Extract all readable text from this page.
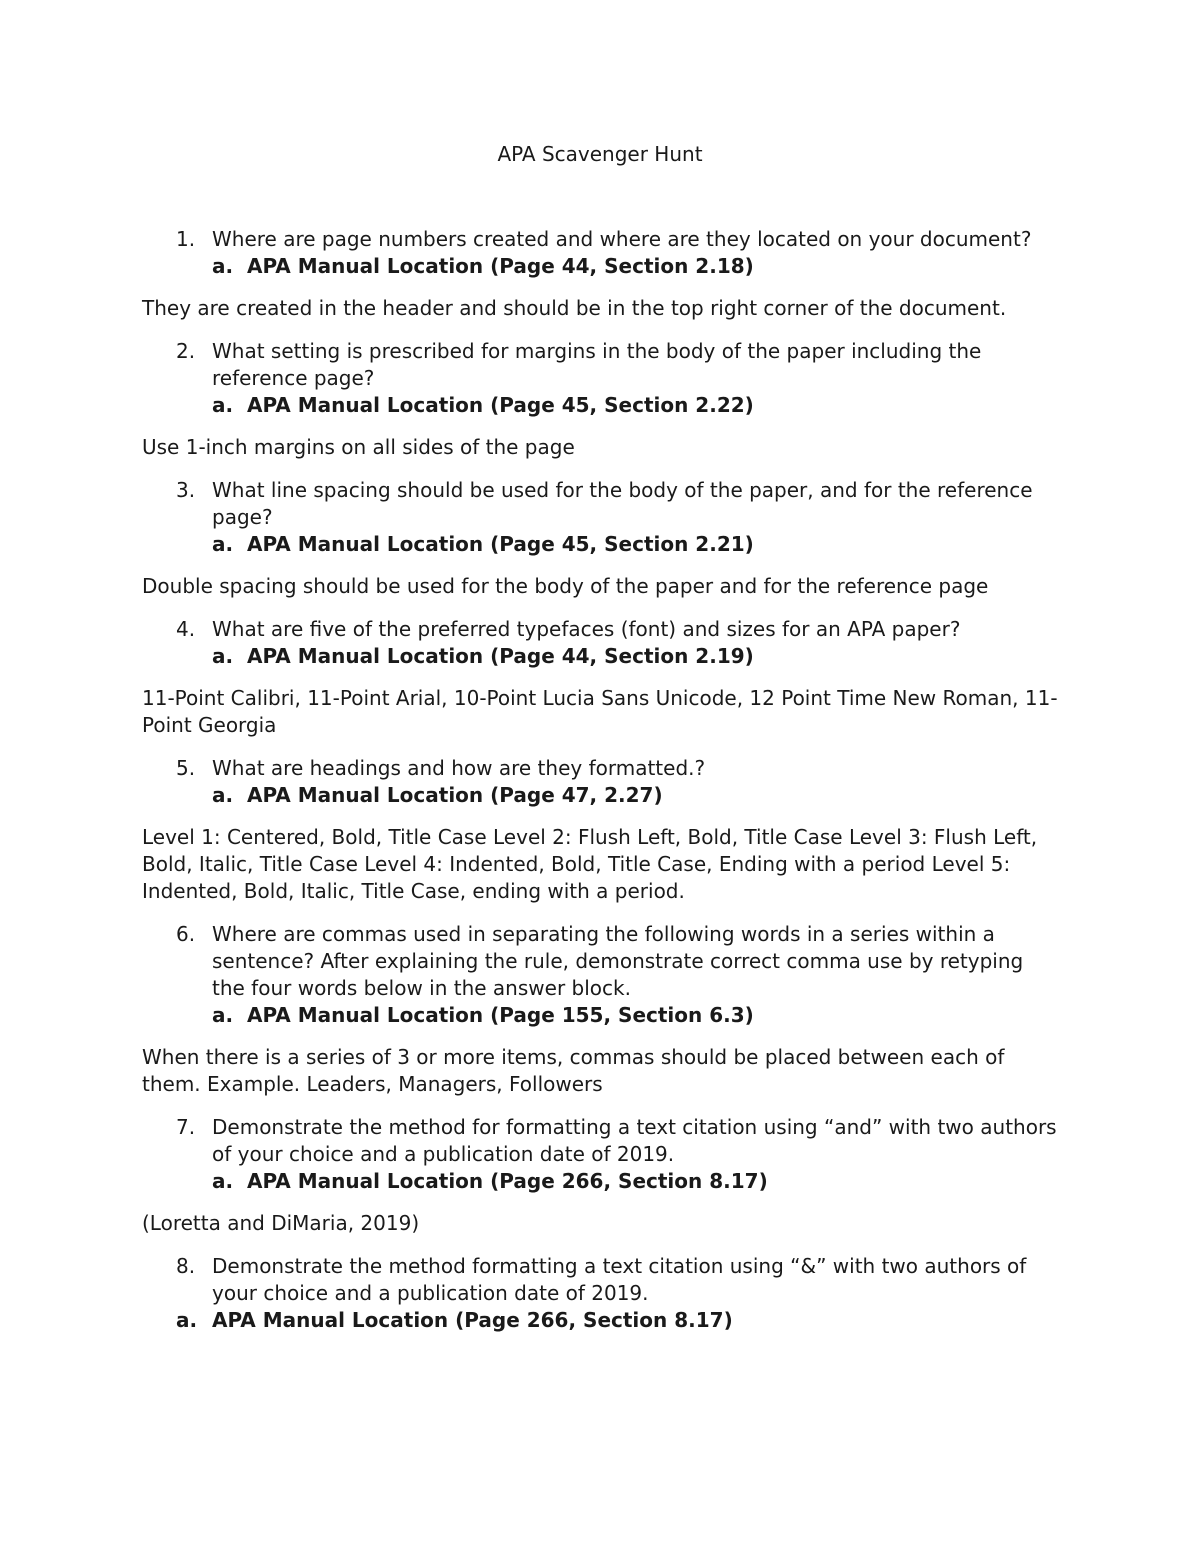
APA Scavenger Hunt
1. Where are page numbers created and where are they located on your document?
a. APA Manual Location (Page 44, Section 2.18)
They are created in the header and should be in the top right corner of the document.
2. What setting is prescribed for margins in the body of the paper including the reference page?
a. APA Manual Location (Page 45, Section 2.22)
Use 1-inch margins on all sides of the page
3. What line spacing should be used for the body of the paper, and for the reference page?
a. APA Manual Location (Page 45, Section 2.21)
Double spacing should be used for the body of the paper and for the reference page
4. What are five of the preferred typefaces (font) and sizes for an APA paper?
a. APA Manual Location (Page 44, Section 2.19)
11-Point Calibri, 11-Point Arial, 10-Point Lucia Sans Unicode, 12 Point Time New Roman, 11-Point Georgia
5. What are headings and how are they formatted.?
a. APA Manual Location (Page 47, 2.27)
Level 1: Centered, Bold, Title Case Level 2: Flush Left, Bold, Title Case Level 3: Flush Left, Bold, Italic, Title Case Level 4: Indented, Bold, Title Case, Ending with a period Level 5: Indented, Bold, Italic, Title Case, ending with a period.
6. Where are commas used in separating the following words in a series within a sentence? After explaining the rule, demonstrate correct comma use by retyping the four words below in the answer block.
a. APA Manual Location (Page 155, Section 6.3)
When there is a series of 3 or more items, commas should be placed between each of them. Example. Leaders, Managers, Followers
7. Demonstrate the method for formatting a text citation using “and” with two authors of your choice and a publication date of 2019.
a. APA Manual Location (Page 266, Section 8.17)
(Loretta and DiMaria, 2019)
8. Demonstrate the method formatting a text citation using “&” with two authors of your choice and a publication date of 2019.
a. APA Manual Location (Page 266, Section 8.17)
